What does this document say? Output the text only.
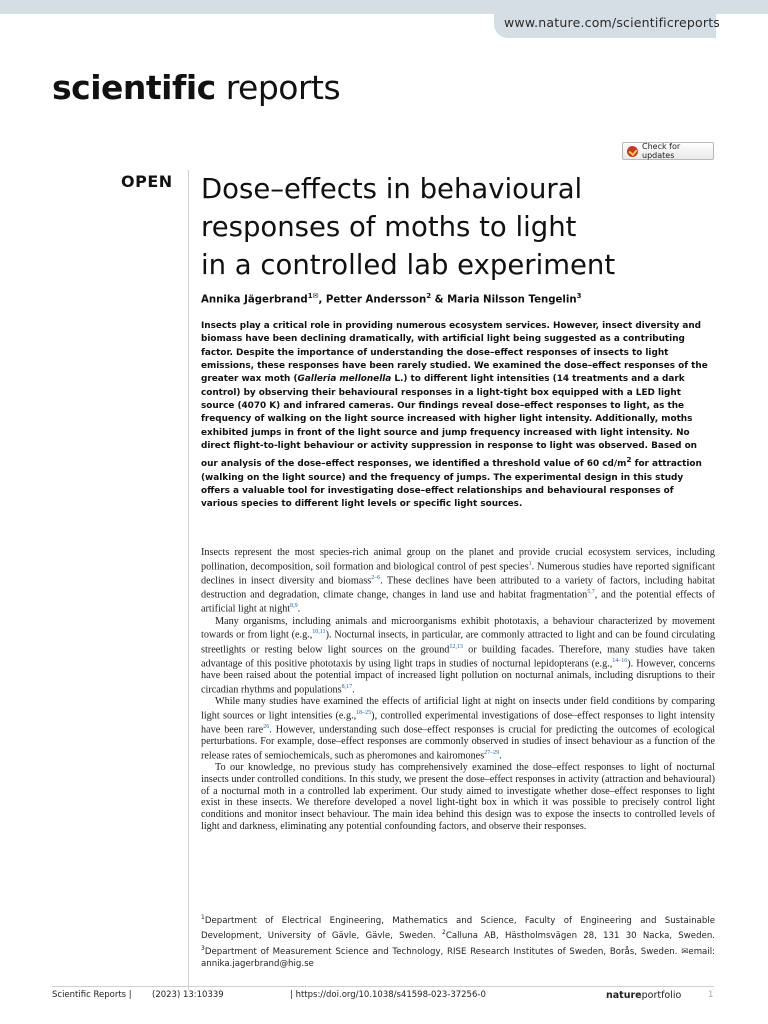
www.nature.com/scientificreports
scientific reports
Check for updates
OPEN Dose–effects in behavioural
responses of moths to light
in a controlled lab experiment
Annika Jägerbrand$^{1✉}$, Petter Andersson$^2$ & Maria Nilsson Tengelin$^3$

Insects play a critical role in providing numerous ecosystem services. However, insect diversity and biomass have been declining dramatically, with artificial light being suggested as a contributing factor. Despite the importance of understanding the dose–effect responses of insects to light emissions, these responses have been rarely studied. We examined the dose–effect responses of the greater wax moth (Galleria mellonella L.) to different light intensities (14 treatments and a dark control) by observing their behavioural responses in a light-tight box equipped with a LED light source (4070 K) and infrared cameras. Our findings reveal dose–effect responses to light, as the frequency of walking on the light source increased with higher light intensity. Additionally, moths exhibited jumps in front of the light source and jump frequency increased with light intensity. No direct flight-to-light behaviour or activity suppression in response to light was observed. Based on our analysis of the dose–effect responses, we identified a threshold value of 60 $cd/m^2$ for attraction (walking on the light source) and the frequency of jumps. The experimental design in this study offers a valuable tool for investigating dose–effect relationships and behavioural responses of various species to different light levels or specific light sources.

Insects represent the most species-rich animal group on the planet and provide crucial ecosystem services, including pollination, decomposition, soil formation and biological control of pest species$^1$. Numerous studies have reported significant declines in insect diversity and biomass$^{2-6}$. These declines have been attributed to a variety of factors, including habitat destruction and degradation, climate change, changes in land use and habitat fragmentation$^{5,7}$, and the potential effects of artificial light at night$^{8,9}$.

Many organisms, including animals and microorganisms exhibit phototaxis, a behaviour characterized by movement towards or from light (e.g.,$^{10,11}$). Nocturnal insects, in particular, are commonly attracted to light and can be found circulating streetlights or resting below light sources on the ground$^{12,13}$ or building facades. Therefore, many studies have taken advantage of this positive phototaxis by using light traps in studies of nocturnal lepidopterans (e.g.,$^{14-16}$). However, concerns have been raised about the potential impact of increased light pollution on nocturnal animals, including disruptions to their circadian rhythms and populations$^{8,17}$.

While many studies have examined the effects of artificial light at night on insects under field conditions by comparing light sources or light intensities (e.g.,$^{18-25}$), controlled experimental investigations of dose–effect responses to light intensity have been rare$^{26}$. However, understanding such dose–effect responses is crucial for predicting the outcomes of ecological perturbations. For example, dose–effect responses are commonly observed in studies of insect behaviour as a function of the release rates of semiochemicals, such as pheromones and kairomones$^{27-29}$.

To our knowledge, no previous study has comprehensively examined the dose–effect responses to light of nocturnal insects under controlled conditions. In this study, we present the dose–effect responses in activity (attraction and behavioural) of a nocturnal moth in a controlled lab experiment. Our study aimed to investigate whether dose–effect responses to light exist in these insects. We therefore developed a novel light-tight box in which it was possible to precisely control light conditions and monitor insect behaviour. The main idea behind this design was to expose the insects to controlled levels of light and darkness, eliminating any potential confounding factors, and observe their responses.

$^1$Department of Electrical Engineering, Mathematics and Science, Faculty of Engineering and Sustainable Development, University of Gävle, Gävle, Sweden. $^2$Calluna AB, Hästholmsvägen 28, 131 30 Nacka, Sweden. $^3$Department of Measurement Science and Technology, RISE Research Institutes of Sweden, Borås, Sweden. ✉email: annika.jagerbrand@hig.se
Scientific Reports | (2023) 13:10339	| https://doi.org/10.1038/s41598-023-37256-0	natureportfolio	1
